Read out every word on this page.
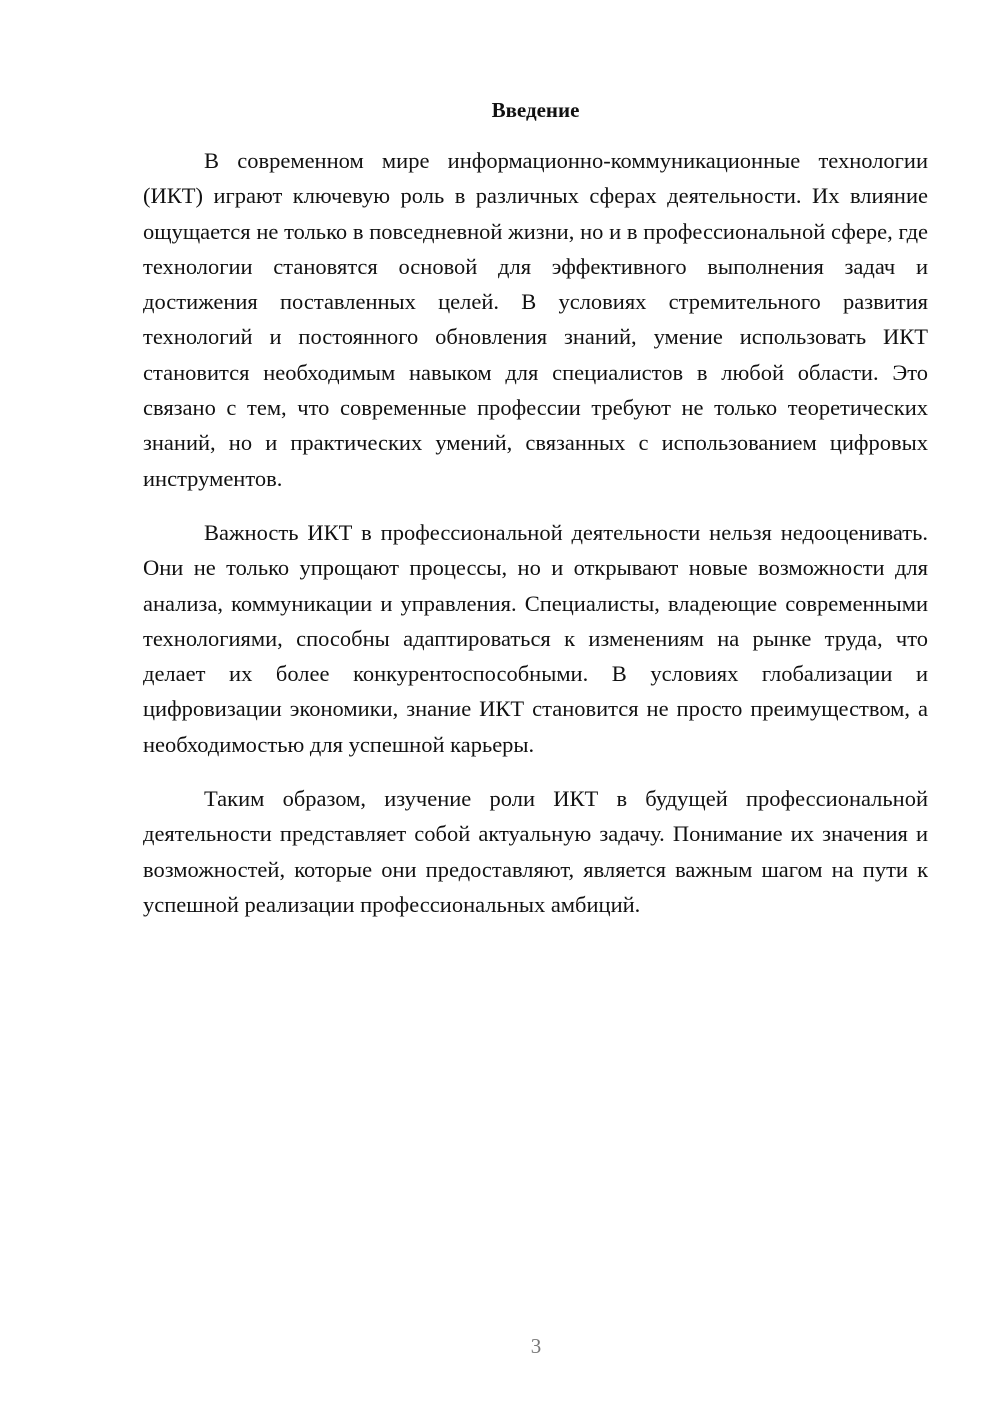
Введение

В современном мире информационно-коммуникационные технологии (ИКТ) играют ключевую роль в различных сферах деятельности. Их влияние ощущается не только в повседневной жизни, но и в профессиональной сфере, где технологии становятся основой для эффективного выполнения задач и достижения поставленных целей. В условиях стремительного развития технологий и постоянного обновления знаний, умение использовать ИКТ становится необходимым навыком для специалистов в любой области. Это связано с тем, что современные профессии требуют не только теоретических знаний, но и практических умений, связанных с использованием цифровых инструментов.

Важность ИКТ в профессиональной деятельности нельзя недооценивать. Они не только упрощают процессы, но и открывают новые возможности для анализа, коммуникации и управления. Специалисты, владеющие современными технологиями, способны адаптироваться к изменениям на рынке труда, что делает их более конкурентоспособными. В условиях глобализации и цифровизации экономики, знание ИКТ становится не просто преимуществом, а необходимостью для успешной карьеры.

Таким образом, изучение роли ИКТ в будущей профессиональной деятельности представляет собой актуальную задачу. Понимание их значения и возможностей, которые они предоставляют, является важным шагом на пути к успешной реализации профессиональных амбиций.

3
